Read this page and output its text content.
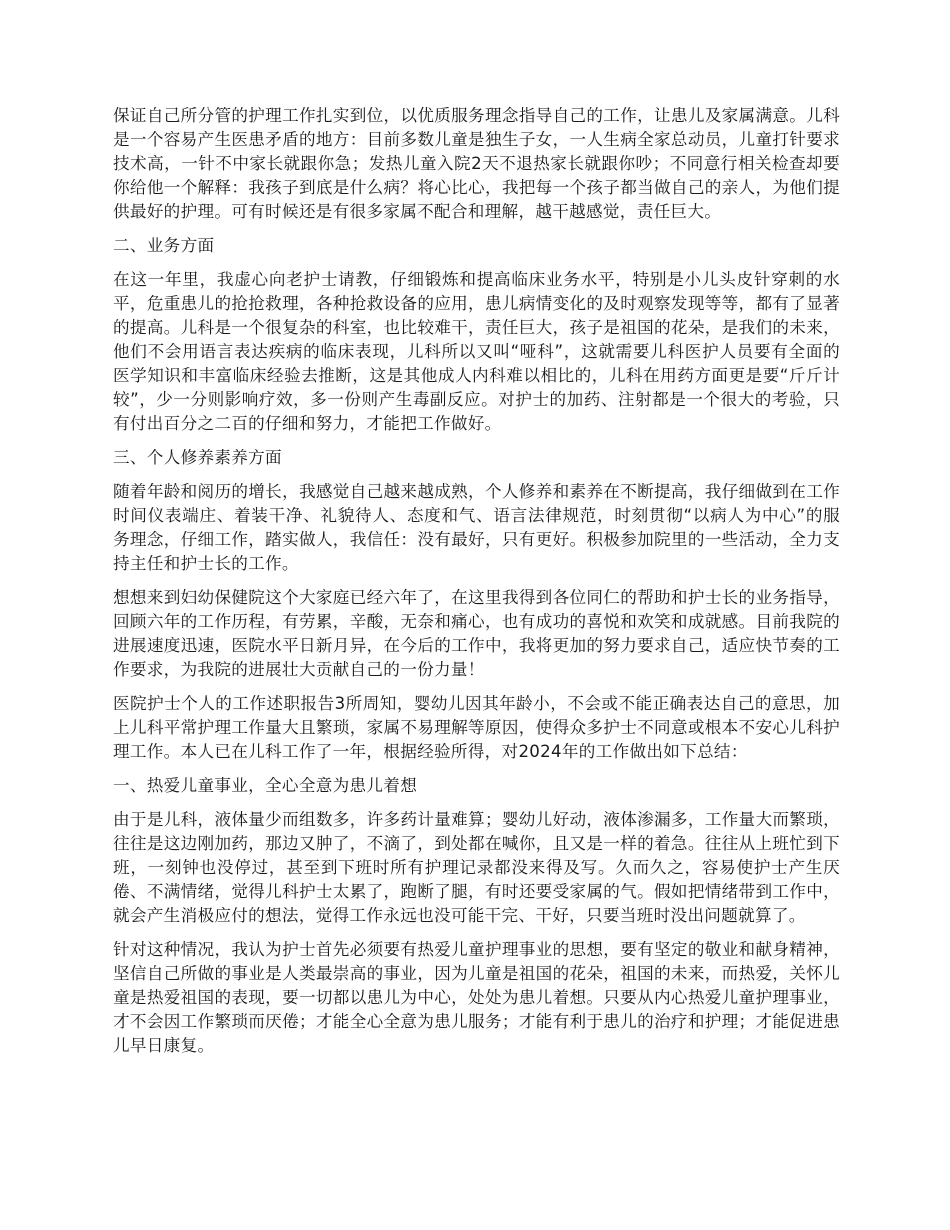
保证自己所分管的护理工作扎实到位，以优质服务理念指导自己的工作，让患儿及家属满意。儿科是一个容易产生医患矛盾的地方：目前多数儿童是独生子女，一人生病全家总动员，儿童打针要求技术高，一针不中家长就跟你急；发热儿童入院2天不退热家长就跟你吵；不同意行相关检查却要你给他一个解释：我孩子到底是什么病？将心比心，我把每一个孩子都当做自己的亲人，为他们提供最好的护理。可有时候还是有很多家属不配合和理解，越干越感觉，责任巨大。

二、业务方面

在这一年里，我虚心向老护士请教，仔细锻炼和提高临床业务水平，特别是小儿头皮针穿刺的水平，危重患儿的抢抢救理，各种抢救设备的应用，患儿病情变化的及时观察发现等等，都有了显著的提高。儿科是一个很复杂的科室，也比较难干，责任巨大，孩子是祖国的花朵，是我们的未来，他们不会用语言表达疾病的临床表现，儿科所以又叫“哑科”，这就需要儿科医护人员要有全面的医学知识和丰富临床经验去推断，这是其他成人内科难以相比的，儿科在用药方面更是要“斤斤计较”，少一分则影响疗效，多一份则产生毒副反应。对护士的加药、注射都是一个很大的考验，只有付出百分之二百的仔细和努力，才能把工作做好。

三、个人修养素养方面

随着年龄和阅历的增长，我感觉自己越来越成熟，个人修养和素养在不断提高，我仔细做到在工作时间仪表端庄、着装干净、礼貌待人、态度和气、语言法律规范，时刻贯彻“以病人为中心”的服务理念，仔细工作，踏实做人，我信任：没有最好，只有更好。积极参加院里的一些活动，全力支持主任和护士长的工作。

想想来到妇幼保健院这个大家庭已经六年了，在这里我得到各位同仁的帮助和护士长的业务指导，回顾六年的工作历程，有劳累，辛酸，无奈和痛心，也有成功的喜悦和欢笑和成就感。目前我院的进展速度迅速，医院水平日新月异，在今后的工作中，我将更加的努力要求自己，适应快节奏的工作要求，为我院的进展壮大贡献自己的一份力量！

医院护士个人的工作述职报告3所周知，婴幼儿因其年龄小，不会或不能正确表达自己的意思，加上儿科平常护理工作量大且繁琐，家属不易理解等原因，使得众多护士不同意或根本不安心儿科护理工作。本人已在儿科工作了一年，根据经验所得，对2024年的工作做出如下总结：

一、热爱儿童事业，全心全意为患儿着想

由于是儿科，液体量少而组数多，许多药计量难算；婴幼儿好动，液体渗漏多，工作量大而繁琐，往往是这边刚加药，那边又肿了，不滴了，到处都在喊你，且又是一样的着急。往往从上班忙到下班，一刻钟也没停过，甚至到下班时所有护理记录都没来得及写。久而久之，容易使护士产生厌倦、不满情绪，觉得儿科护士太累了，跑断了腿，有时还要受家属的气。假如把情绪带到工作中，就会产生消极应付的想法，觉得工作永远也没可能干完、干好，只要当班时没出问题就算了。

针对这种情况，我认为护士首先必须要有热爱儿童护理事业的思想，要有坚定的敬业和献身精神，坚信自己所做的事业是人类最崇高的事业，因为儿童是祖国的花朵，祖国的未来，而热爱，关怀儿童是热爱祖国的表现，要一切都以患儿为中心，处处为患儿着想。只要从内心热爱儿童护理事业，才不会因工作繁琐而厌倦；才能全心全意为患儿服务；才能有利于患儿的治疗和护理；才能促进患儿早日康复。
